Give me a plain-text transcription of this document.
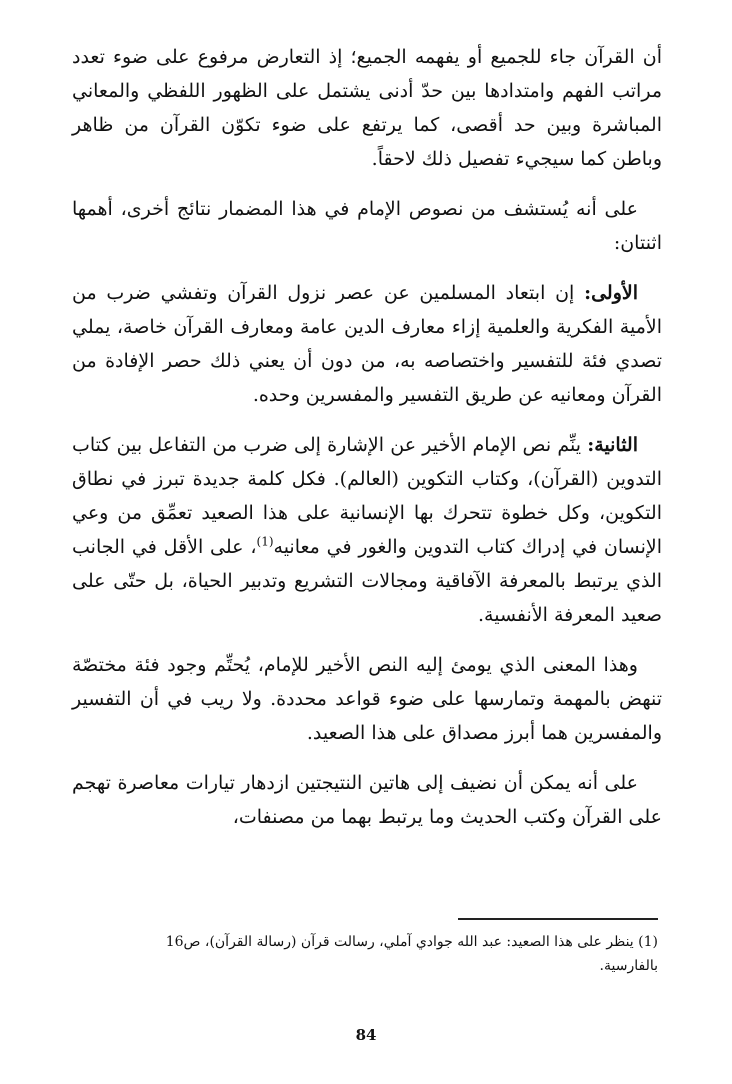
أن القرآن جاء للجميع أو يفهمه الجميع؛ إذ التعارض مرفوع على ضوء تعدد مراتب الفهم وامتدادها بين حدّ أدنى يشتمل على الظهور اللفظي والمعاني المباشرة وبين حد أقصى، كما يرتفع على ضوء تكوّن القرآن من ظاهر وباطن كما سيجيء تفصيل ذلك لاحقاً.

على أنه يُستشف من نصوص الإمام في هذا المضمار نتائج أخرى، أهمها اثنتان:

الأولى: إن ابتعاد المسلمين عن عصر نزول القرآن وتفشي ضرب من الأمية الفكرية والعلمية إزاء معارف الدين عامة ومعارف القرآن خاصة، يملي تصدي فئة للتفسير واختصاصه به، من دون أن يعني ذلك حصر الإفادة من القرآن ومعانيه عن طريق التفسير والمفسرين وحده.

الثانية: ينِّم نص الإمام الأخير عن الإشارة إلى ضرب من التفاعل بين كتاب التدوين (القرآن)، وكتاب التكوين (العالم). فكل كلمة جديدة تبرز في نطاق التكوين، وكل خطوة تتحرك بها الإنسانية على هذا الصعيد تعمِّق من وعي الإنسان في إدراك كتاب التدوين والغور في معانيه$^{(1)}$، على الأقل في الجانب الذي يرتبط بالمعرفة الآفاقية ومجالات التشريع وتدبير الحياة، بل حتّى على صعيد المعرفة الأنفسية.

وهذا المعنى الذي يومئ إليه النص الأخير للإمام، يُحتِّم وجود فئة مختصّة تنهض بالمهمة وتمارسها على ضوء قواعد محددة. ولا ريب في أن التفسير والمفسرين هما أبرز مصداق على هذا الصعيد.

على أنه يمكن أن نضيف إلى هاتين النتيجتين ازدهار تيارات معاصرة تهجم على القرآن وكتب الحديث وما يرتبط بهما من مصنفات،

(1) ينظر على هذا الصعيد: عبد الله جوادي آملي، رسالت قرآن (رسالة القرآن)، ص16
بالفارسية.
84
